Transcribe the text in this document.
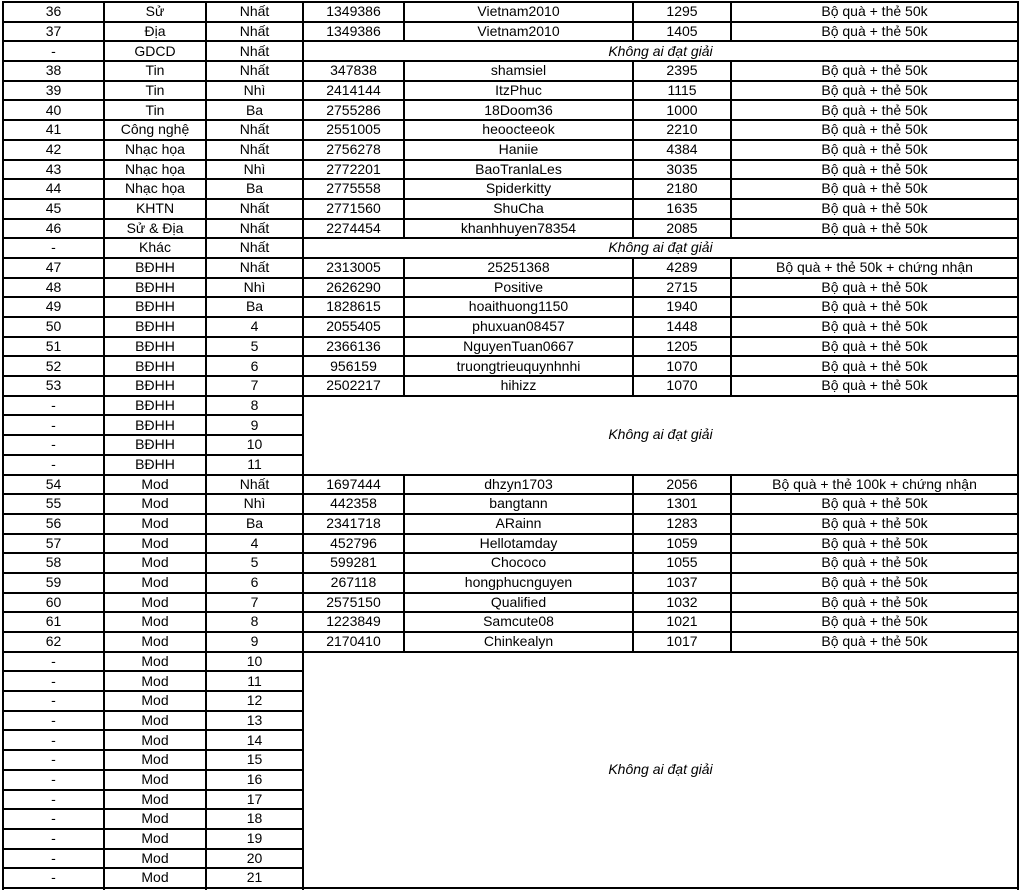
36	Sử	Nhất	1349386	Vietnam2010	1295	Bộ quà + thẻ 50k
37	Địa	Nhất	1349386	Vietnam2010	1405	Bộ quà + thẻ 50k
-	GDCD	Nhất	Không ai đạt giải			
38	Tin	Nhất	347838	shamsiel	2395	Bộ quà + thẻ 50k
39	Tin	Nhì	2414144	ItzPhuc	1115	Bộ quà + thẻ 50k
40	Tin	Ba	2755286	18Doom36	1000	Bộ quà + thẻ 50k
41	Công nghệ	Nhất	2551005	heoocteeok	2210	Bộ quà + thẻ 50k
42	Nhạc họa	Nhất	2756278	Haniie	4384	Bộ quà + thẻ 50k
43	Nhạc họa	Nhì	2772201	BaoTranlaLes	3035	Bộ quà + thẻ 50k
44	Nhạc họa	Ba	2775558	Spiderkitty	2180	Bộ quà + thẻ 50k
45	KHTN	Nhất	2771560	ShuCha	1635	Bộ quà + thẻ 50k
46	Sử & Địa	Nhất	2274454	khanhhuyen78354	2085	Bộ quà + thẻ 50k
-	Khác	Nhất	Không ai đạt giải			
47	BĐHH	Nhất	2313005	25251368	4289	Bộ quà + thẻ 50k + chứng nhận
48	BĐHH	Nhì	2626290	Positive	2715	Bộ quà + thẻ 50k
49	BĐHH	Ba	1828615	hoaithuong1150	1940	Bộ quà + thẻ 50k
50	BĐHH	4	2055405	phuxuan08457	1448	Bộ quà + thẻ 50k
51	BĐHH	5	2366136	NguyenTuan0667	1205	Bộ quà + thẻ 50k
52	BĐHH	6	956159	truongtrieuquynhnhi	1070	Bộ quà + thẻ 50k
53	BĐHH	7	2502217	hihizz	1070	Bộ quà + thẻ 50k
-	BĐHH	8	Không ai đạt giải			
-	BĐHH	9				
-	BĐHH	10				
-	BĐHH	11				
54	Mod	Nhất	1697444	dhzyn1703	2056	Bộ quà + thẻ 100k + chứng nhận
55	Mod	Nhì	442358	bangtann	1301	Bộ quà + thẻ 50k
56	Mod	Ba	2341718	ARainn	1283	Bộ quà + thẻ 50k
57	Mod	4	452796	Hellotamday	1059	Bộ quà + thẻ 50k
58	Mod	5	599281	Chococo	1055	Bộ quà + thẻ 50k
59	Mod	6	267118	hongphucnguyen	1037	Bộ quà + thẻ 50k
60	Mod	7	2575150	Qualified	1032	Bộ quà + thẻ 50k
61	Mod	8	1223849	Samcute08	1021	Bộ quà + thẻ 50k
62	Mod	9	2170410	Chinkealyn	1017	Bộ quà + thẻ 50k
-	Mod	10	Không ai đạt giải			
-	Mod	11				
-	Mod	12				
-	Mod	13				
-	Mod	14				
-	Mod	15				
-	Mod	16				
-	Mod	17				
-	Mod	18				
-	Mod	19				
-	Mod	20				
-	Mod	21				
